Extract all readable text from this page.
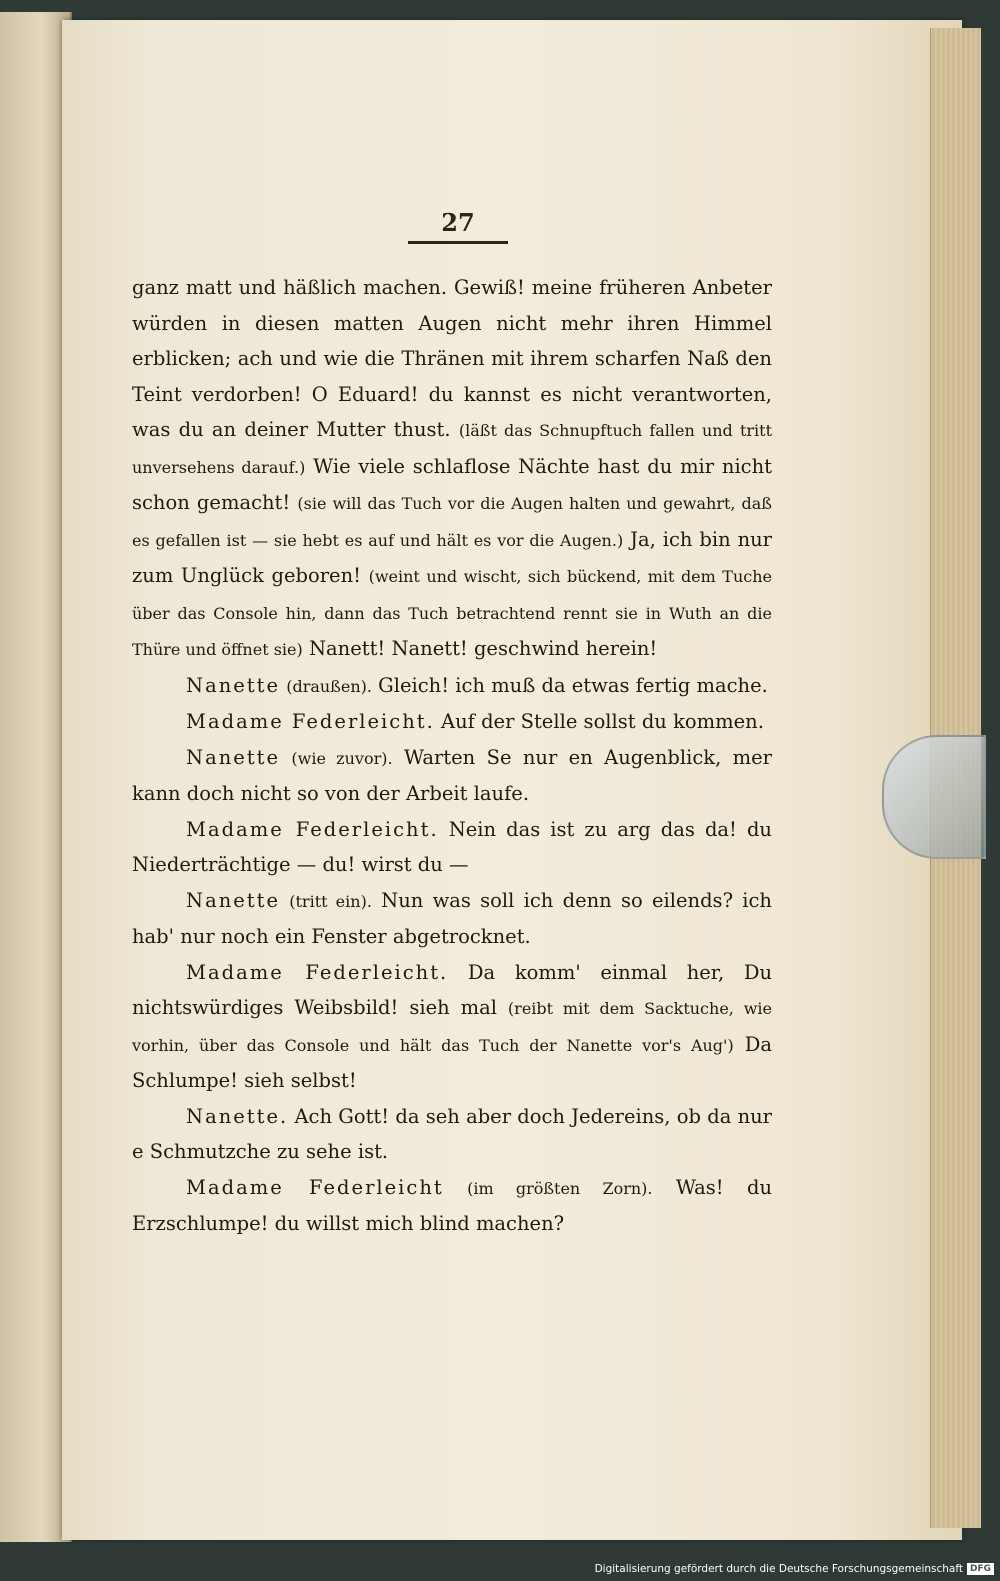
27

ganz matt und häßlich machen. Gewiß! meine früheren Anbeter würden in diesen matten Augen nicht mehr ihren Himmel erblicken; ach und wie die Thränen mit ihrem scharfen Naß den Teint verdorben! O Eduard! du kannst es nicht verantworten, was du an deiner Mutter thust. (läßt das Schnupftuch fallen und tritt unversehens darauf.) Wie viele schlaflose Nächte hast du mir nicht schon gemacht! (sie will das Tuch vor die Augen halten und gewahrt, daß es gefallen ist — sie hebt es auf und hält es vor die Augen.) Ja, ich bin nur zum Unglück geboren! (weint und wischt, sich bückend, mit dem Tuche über das Console hin, dann das Tuch betrachtend rennt sie in Wuth an die Thüre und öffnet sie) Nanett! Nanett! geschwind herein!

Nanette (draußen). Gleich! ich muß da etwas fertig mache.

Madame Federleicht. Auf der Stelle sollst du kommen.

Nanette (wie zuvor). Warten Se nur en Augenblick, mer kann doch nicht so von der Arbeit laufe.

Madame Federleicht. Nein das ist zu arg das da! du Niederträchtige — du! wirst du —

Nanette (tritt ein). Nun was soll ich denn so eilends? ich hab' nur noch ein Fenster abgetrocknet.

Madame Federleicht. Da komm' einmal her, Du nichtswürdiges Weibsbild! sieh mal (reibt mit dem Sacktuche, wie vorhin, über das Console und hält das Tuch der Nanette vor's Aug') Da Schlumpe! sieh selbst!

Nanette. Ach Gott! da seh aber doch Jedereins, ob da nur e Schmutzche zu sehe ist.

Madame Federleicht (im größten Zorn). Was! du Erzschlumpe! du willst mich blind machen?

Digitalisierung gefördert durch die Deutsche Forschungsgemeinschaft DFG
